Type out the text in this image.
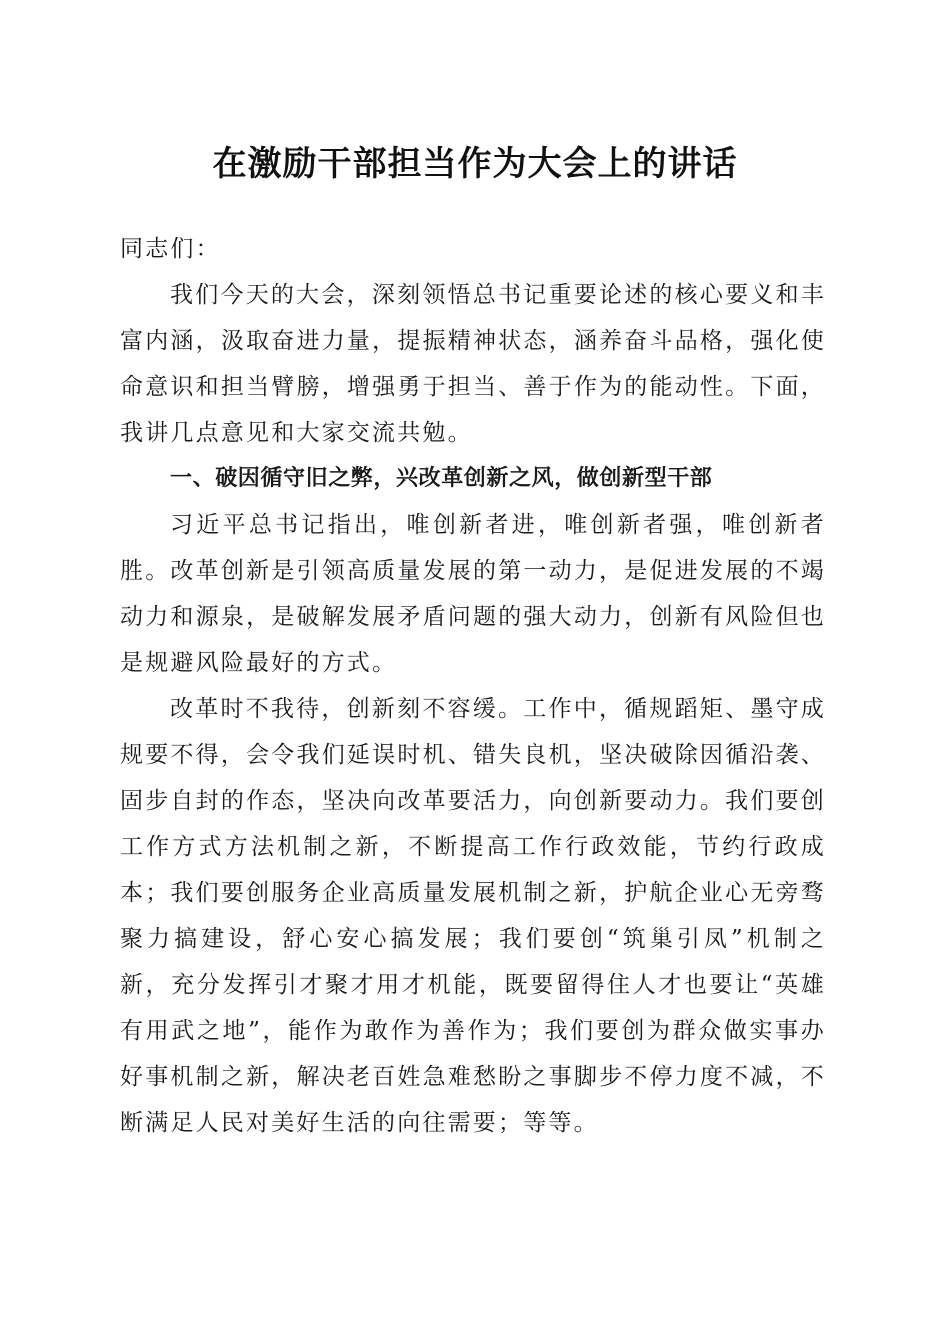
在激励干部担当作为大会上的讲话

同志们：

我们今天的大会，深刻领悟总书记重要论述的核心要义和丰富内涵，汲取奋进力量，提振精神状态，涵养奋斗品格，强化使命意识和担当臂膀，增强勇于担当、善于作为的能动性。下面，我讲几点意见和大家交流共勉。

一、破因循守旧之弊，兴改革创新之风，做创新型干部

习近平总书记指出，唯创新者进，唯创新者强，唯创新者胜。改革创新是引领高质量发展的第一动力，是促进发展的不竭动力和源泉，是破解发展矛盾问题的强大动力，创新有风险但也是规避风险最好的方式。

改革时不我待，创新刻不容缓。工作中，循规蹈矩、墨守成规要不得，会令我们延误时机、错失良机，坚决破除因循沿袭、固步自封的作态，坚决向改革要活力，向创新要动力。我们要创工作方式方法机制之新，不断提高工作行政效能，节约行政成本；我们要创服务企业高质量发展机制之新，护航企业心无旁骛聚力搞建设，舒心安心搞发展；我们要创“筑巢引凤”机制之新，充分发挥引才聚才用才机能，既要留得住人才也要让“英雄有用武之地”，能作为敢作为善作为；我们要创为群众做实事办好事机制之新，解决老百姓急难愁盼之事脚步不停力度不减，不断满足人民对美好生活的向往需要；等等。
